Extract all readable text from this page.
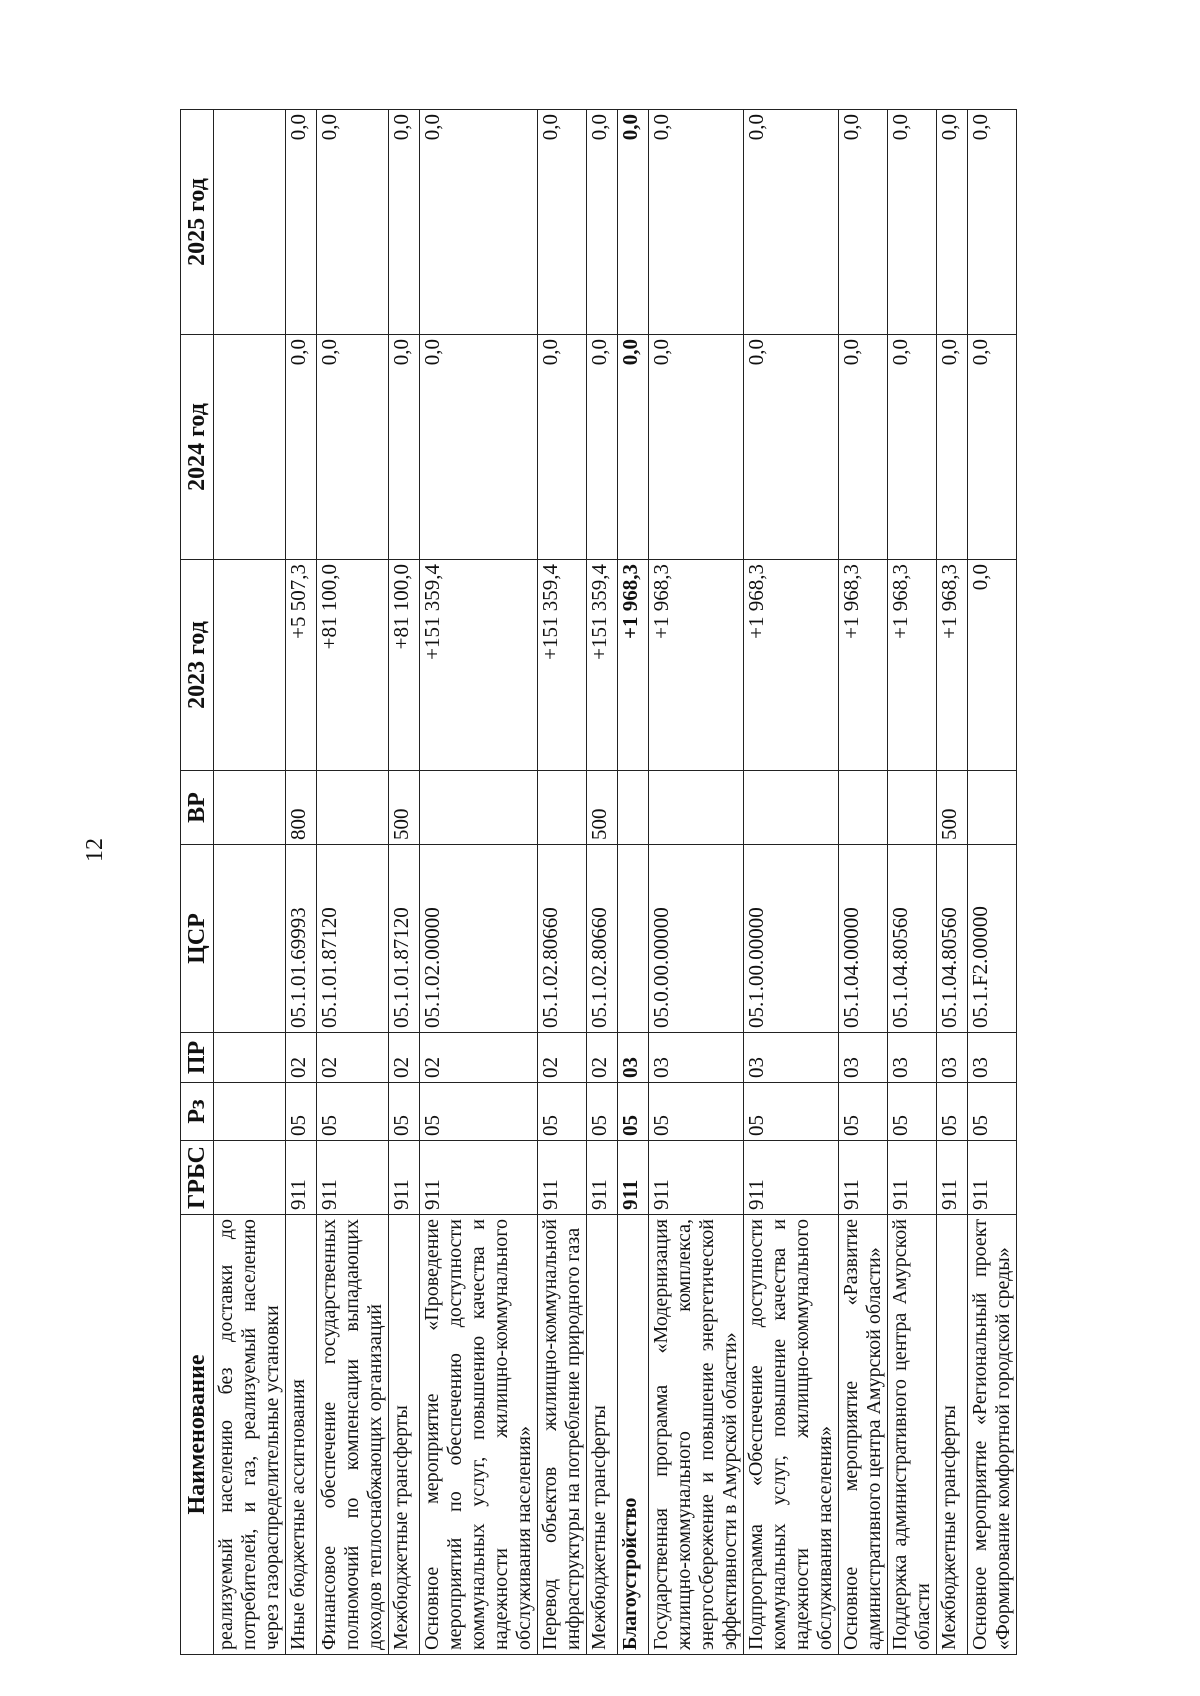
12
Наименование	ГРБС	Рз	ПР	ЦСР	ВР	2023 год	2024 год	2025 год
реализуемый населению без доставки до потребителей, и газ, реализуемый населению через газораспределительные установки								
Иные бюджетные ассигнования	911	05	02	05.1.01.69993	800	+5 507,3	0,0	0,0
Финансовое обеспечение государственных полномочий по компенсации выпадающих доходов теплоснабжающих организаций	911	05	02	05.1.01.87120		+81 100,0	0,0	0,0
Межбюджетные трансферты	911	05	02	05.1.01.87120	500	+81 100,0	0,0	0,0
Основное мероприятие «Проведение мероприятий по обеспечению доступности коммунальных услуг, повышению качества и надежности жилищно-коммунального обслуживания населения»	911	05	02	05.1.02.00000		+151 359,4	0,0	0,0
Перевод объектов жилищно-коммунальной инфраструктуры на потребление природного газа	911	05	02	05.1.02.80660		+151 359,4	0,0	0,0
Межбюджетные трансферты	911	05	02	05.1.02.80660	500	+151 359,4	0,0	0,0
Благоустройство	911	05	03			+1 968,3	0,0	0,0
Государственная программа «Модернизация жилищно-коммунального комплекса, энергосбережение и повышение энергетической эффективности в Амурской области»	911	05	03	05.0.00.00000		+1 968,3	0,0	0,0
Подпрограмма «Обеспечение доступности коммунальных услуг, повышение качества и надежности жилищно-коммунального обслуживания населения»	911	05	03	05.1.00.00000		+1 968,3	0,0	0,0
Основное мероприятие «Развитие административного центра Амурской области»	911	05	03	05.1.04.00000		+1 968,3	0,0	0,0
Поддержка административного центра Амурской области	911	05	03	05.1.04.80560		+1 968,3	0,0	0,0
Межбюджетные трансферты	911	05	03	05.1.04.80560	500	+1 968,3	0,0	0,0
Основное мероприятие «Региональный проект «Формирование комфортной городской среды»	911	05	03	05.1.F2.00000		0,0	0,0	0,0
